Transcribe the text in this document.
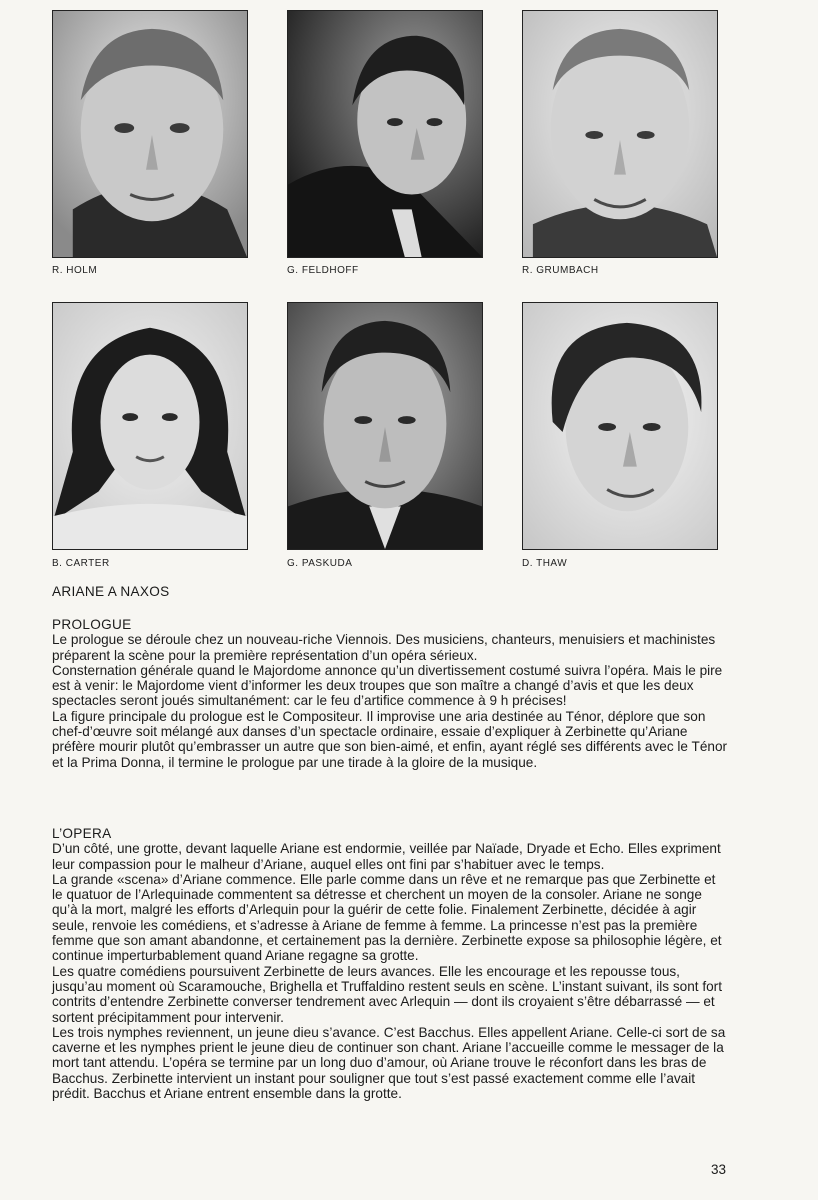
R. HOLM	G. FELDHOFF	R. GRUMBACH
B. CARTER	G. PASKUDA	D. THAW
ARIANE A NAXOS

PROLOGUE

Le prologue se déroule chez un nouveau-riche Viennois. Des musiciens, chanteurs, menuisiers et machinistes préparent la scène pour la première représentation d’un opéra sérieux.

Consternation générale quand le Majordome annonce qu’un divertissement costumé suivra l’opéra. Mais le pire est à venir: le Majordome vient d’informer les deux troupes que son maître a changé d’avis et que les deux spectacles seront joués simultanément: car le feu d’artifice commence à 9 h précises!

La figure principale du prologue est le Compositeur. Il improvise une aria destinée au Ténor, déplore que son chef-d’œuvre soit mélangé aux danses d’un spectacle ordinaire, essaie d’expliquer à Zerbinette qu’Ariane préfère mourir plutôt qu’embrasser un autre que son bien-aimé, et enfin, ayant réglé ses différents avec le Ténor et la Prima Donna, il termine le prologue par une tirade à la gloire de la musique.

L’OPERA

D’un côté, une grotte, devant laquelle Ariane est endormie, veillée par Naïade, Dryade et Echo. Elles expriment leur compassion pour le malheur d’Ariane, auquel elles ont fini par s’habituer avec le temps.

La grande «scena» d’Ariane commence. Elle parle comme dans un rêve et ne remarque pas que Zerbinette et le quatuor de l’Arlequinade commentent sa détresse et cherchent un moyen de la consoler. Ariane ne songe qu’à la mort, malgré les efforts d’Arlequin pour la guérir de cette folie. Finalement Zerbinette, décidée à agir seule, renvoie les comédiens, et s’adresse à Ariane de femme à femme. La princesse n’est pas la première femme que son amant abandonne, et certainement pas la dernière. Zerbinette expose sa philosophie légère, et continue imperturbablement quand Ariane regagne sa grotte.

Les quatre comédiens poursuivent Zerbinette de leurs avances. Elle les encourage et les repousse tous, jusqu’au moment où Scaramouche, Brighella et Truffaldino restent seuls en scène. L’instant suivant, ils sont fort contrits d’entendre Zerbinette converser tendrement avec Arlequin — dont ils croyaient s’être débarrassé — et sortent précipitamment pour intervenir.

Les trois nymphes reviennent, un jeune dieu s’avance. C’est Bacchus. Elles appellent Ariane. Celle-ci sort de sa caverne et les nymphes prient le jeune dieu de continuer son chant. Ariane l’accueille comme le messager de la mort tant attendu. L’opéra se termine par un long duo d’amour, où Ariane trouve le réconfort dans les bras de Bacchus. Zerbinette intervient un instant pour souligner que tout s’est passé exactement comme elle l’avait prédit. Bacchus et Ariane entrent ensemble dans la grotte.

33
